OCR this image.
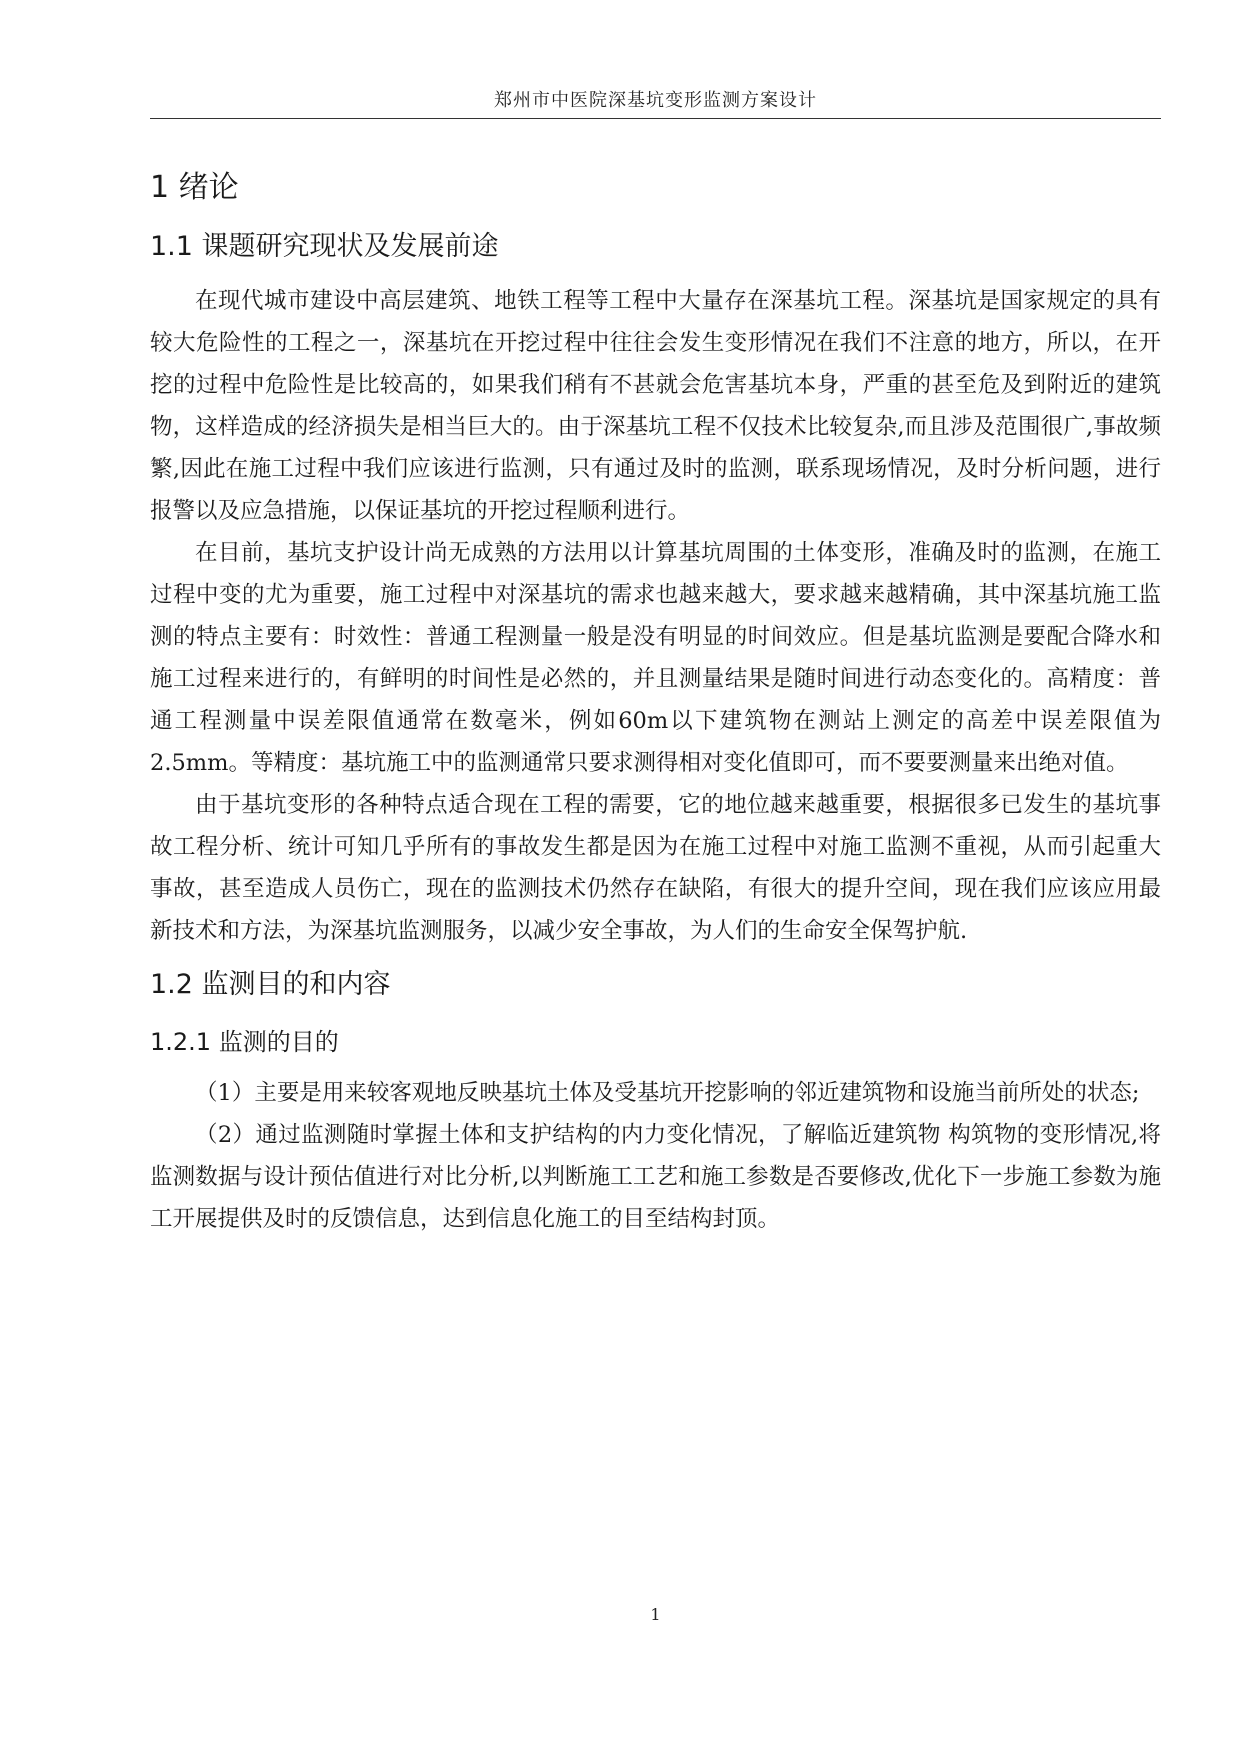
郑州市中医院深基坑变形监测方案设计
1 绪论
1.1 课题研究现状及发展前途

在现代城市建设中高层建筑、地铁工程等工程中大量存在深基坑工程。深基坑是国家规定的具有较大危险性的工程之一，深基坑在开挖过程中往往会发生变形情况在我们不注意的地方，所以，在开挖的过程中危险性是比较高的，如果我们稍有不甚就会危害基坑本身，严重的甚至危及到附近的建筑物，这样造成的经济损失是相当巨大的。由于深基坑工程不仅技术比较复杂,而且涉及范围很广,事故频繁,因此在施工过程中我们应该进行监测，只有通过及时的监测，联系现场情况，及时分析问题，进行报警以及应急措施，以保证基坑的开挖过程顺利进行。

在目前，基坑支护设计尚无成熟的方法用以计算基坑周围的土体变形，准确及时的监测，在施工过程中变的尤为重要，施工过程中对深基坑的需求也越来越大，要求越来越精确，其中深基坑施工监测的特点主要有：时效性：普通工程测量一般是没有明显的时间效应。但是基坑监测是要配合降水和施工过程来进行的，有鲜明的时间性是必然的，并且测量结果是随时间进行动态变化的。高精度：普通工程测量中误差限值通常在数毫米，例如60m以下建筑物在测站上测定的高差中误差限值为2.5mm。等精度：基坑施工中的监测通常只要求测得相对变化值即可，而不要要测量来出绝对值。

由于基坑变形的各种特点适合现在工程的需要，它的地位越来越重要，根据很多已发生的基坑事故工程分析、统计可知几乎所有的事故发生都是因为在施工过程中对施工监测不重视，从而引起重大事故，甚至造成人员伤亡，现在的监测技术仍然存在缺陷，有很大的提升空间，现在我们应该应用最新技术和方法，为深基坑监测服务，以减少安全事故，为人们的生命安全保驾护航.

1.2 监测目的和内容
1.2.1 监测的目的

（1）主要是用来较客观地反映基坑土体及受基坑开挖影响的邻近建筑物和设施当前所处的状态;

（2）通过监测随时掌握土体和支护结构的内力变化情况，了解临近建筑物 构筑物的变形情况,将监测数据与设计预估值进行对比分析,以判断施工工艺和施工参数是否要修改,优化下一步施工参数为施工开展提供及时的反馈信息，达到信息化施工的目至结构封顶。

1
